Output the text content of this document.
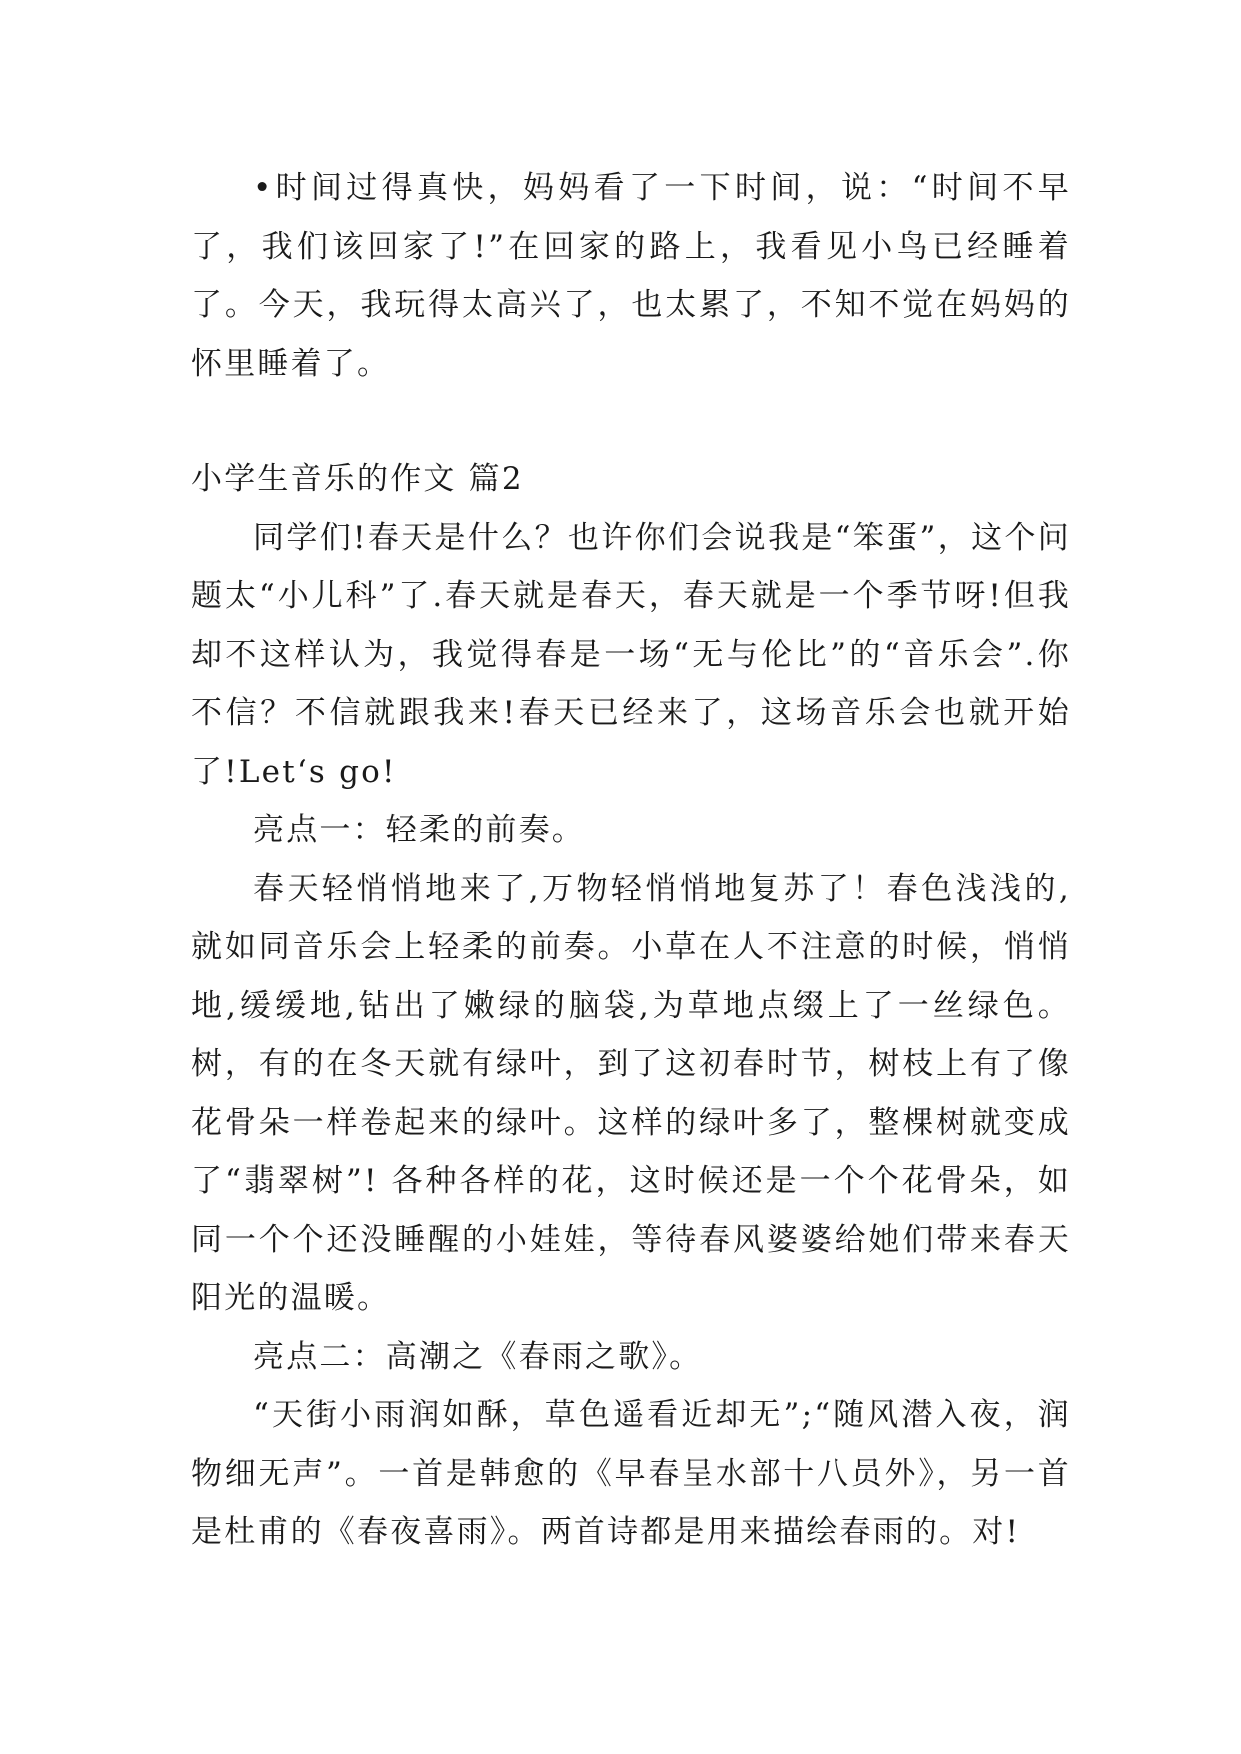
•时间过得真快，妈妈看了一下时间，说：“时间不早了，我们该回家了!”在回家的路上，我看见小鸟已经睡着了。今天，我玩得太高兴了，也太累了，不知不觉在妈妈的怀里睡着了。

小学生音乐的作文 篇2

同学们!春天是什么？也许你们会说我是“笨蛋”，这个问题太“小儿科”了.春天就是春天，春天就是一个季节呀!但我却不这样认为，我觉得春是一场“无与伦比”的“音乐会”.你不信？不信就跟我来!春天已经来了，这场音乐会也就开始了!Let‘s go!

亮点一：轻柔的前奏。

春天轻悄悄地来了,万物轻悄悄地复苏了！春色浅浅的,就如同音乐会上轻柔的前奏。小草在人不注意的时候，悄悄地,缓缓地,钻出了嫩绿的脑袋,为草地点缀上了一丝绿色。树，有的在冬天就有绿叶，到了这初春时节，树枝上有了像花骨朵一样卷起来的绿叶。这样的绿叶多了，整棵树就变成了“翡翠树”! 各种各样的花，这时候还是一个个花骨朵，如同一个个还没睡醒的小娃娃，等待春风婆婆给她们带来春天阳光的温暖。

亮点二：高潮之《春雨之歌》。

“天街小雨润如酥，草色遥看近却无”;“随风潜入夜，润物细无声”。一首是韩愈的《早春呈水部十八员外》，另一首是杜甫的《春夜喜雨》。两首诗都是用来描绘春雨的。对!
